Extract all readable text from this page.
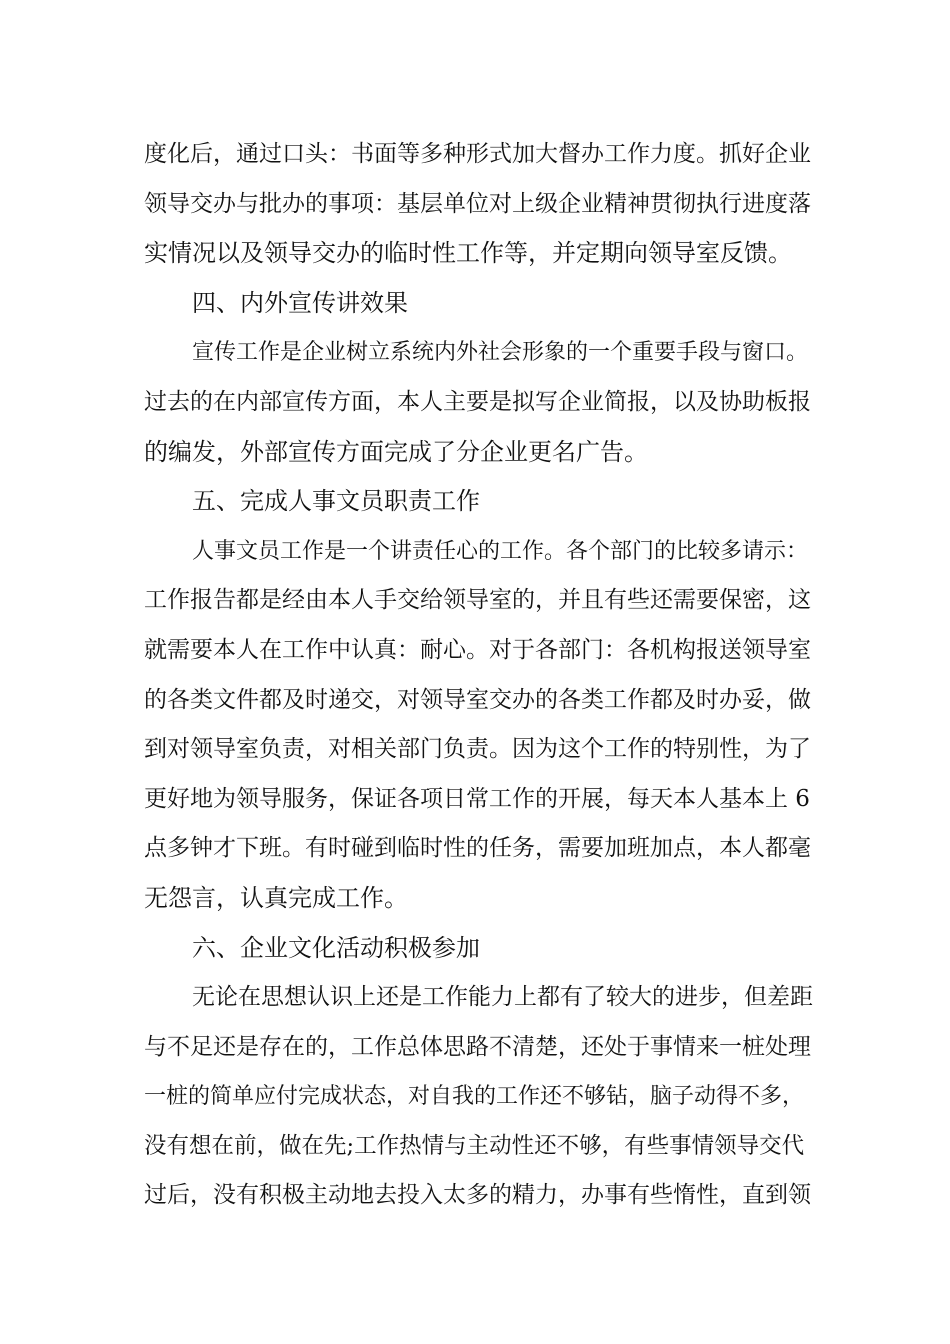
度化后，通过口头：书面等多种形式加大督办工作力度。抓好企业
领导交办与批办的事项：基层单位对上级企业精神贯彻执行进度落
实情况以及领导交办的临时性工作等，并定期向领导室反馈。
四、内外宣传讲效果
宣传工作是企业树立系统内外社会形象的一个重要手段与窗口。
过去的在内部宣传方面，本人主要是拟写企业简报，以及协助板报
的编发，外部宣传方面完成了分企业更名广告。
五、完成人事文员职责工作
人事文员工作是一个讲责任心的工作。各个部门的比较多请示：
工作报告都是经由本人手交给领导室的，并且有些还需要保密，这
就需要本人在工作中认真：耐心。对于各部门：各机构报送领导室
的各类文件都及时递交，对领导室交办的各类工作都及时办妥，做
到对领导室负责，对相关部门负责。因为这个工作的特别性，为了
更好地为领导服务，保证各项日常工作的开展，每天本人基本上 6
点多钟才下班。有时碰到临时性的任务，需要加班加点，本人都毫
无怨言，认真完成工作。
六、企业文化活动积极参加
无论在思想认识上还是工作能力上都有了较大的进步，但差距
与不足还是存在的，工作总体思路不清楚，还处于事情来一桩处理
一桩的简单应付完成状态，对自我的工作还不够钻，脑子动得不多，
没有想在前，做在先;工作热情与主动性还不够，有些事情领导交代
过后，没有积极主动地去投入太多的精力，办事有些惰性，直到领
